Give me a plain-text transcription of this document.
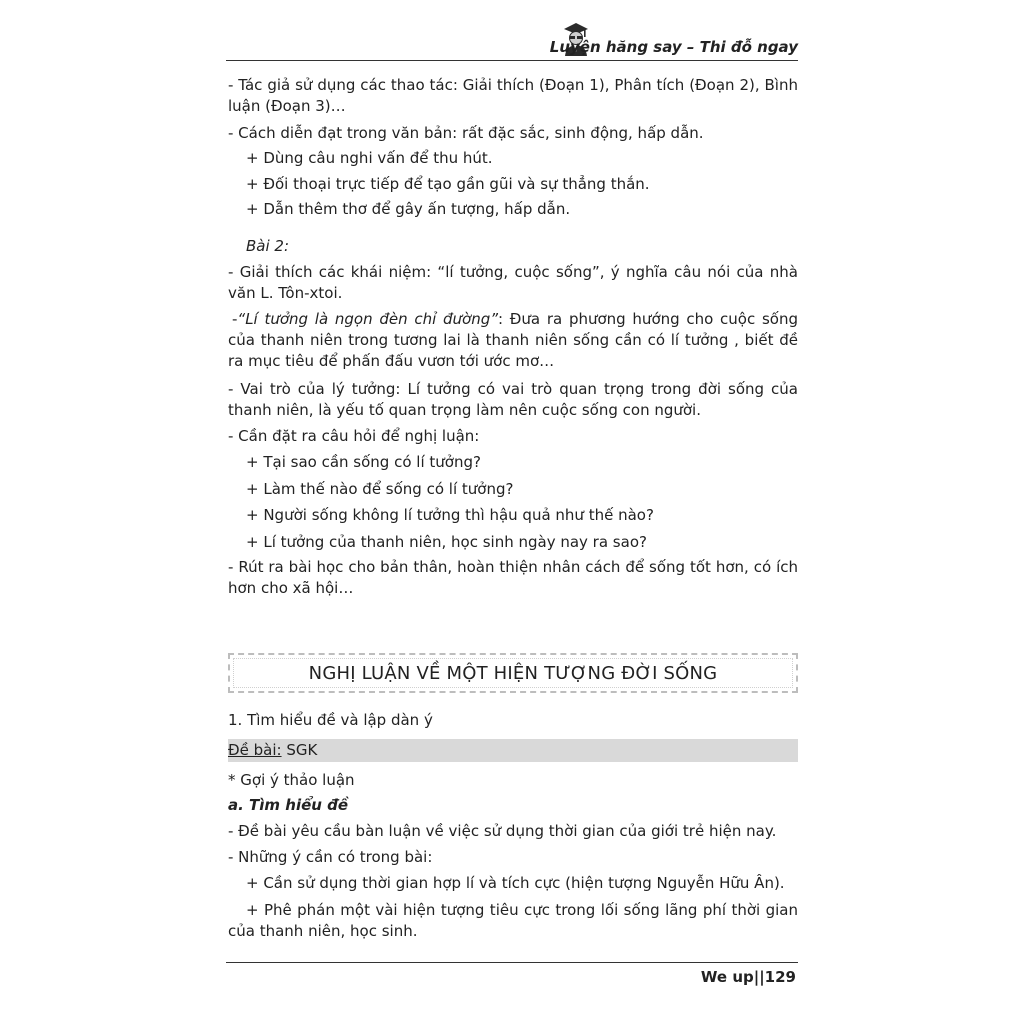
Luyện hăng say – Thi đỗ ngay
- Tác giả sử dụng các thao tác: Giải thích (Đoạn 1), Phân tích (Đoạn 2), Bình luận (Đoạn 3)…
- Cách diễn đạt trong văn bản: rất đặc sắc, sinh động, hấp dẫn.
+ Dùng câu nghi vấn để thu hút.
+ Đối thoại trực tiếp để tạo gần gũi và sự thẳng thắn.
+ Dẫn thêm thơ để gây ấn tượng, hấp dẫn.
Bài 2:
- Giải thích các khái niệm: “lí tưởng, cuộc sống”, ý nghĩa câu nói của nhà văn L. Tôn-xtoi.
-“Lí tưởng là ngọn đèn chỉ đường”: Đưa ra phương hướng cho cuộc sống của thanh niên trong tương lai là thanh niên sống cần có lí tưởng , biết đề ra mục tiêu để phấn đấu vươn tới ước mơ…
- Vai trò của lý tưởng: Lí tưởng có vai trò quan trọng trong đời sống của thanh niên, là yếu tố quan trọng làm nên cuộc sống con người.
- Cần đặt ra câu hỏi để nghị luận:
+ Tại sao cần sống có lí tưởng?
+ Làm thế nào để sống có lí tưởng?
+ Người sống không lí tưởng thì hậu quả như thế nào?
+ Lí tưởng của thanh niên, học sinh ngày nay ra sao?
- Rút ra bài học cho bản thân, hoàn thiện nhân cách để sống tốt hơn, có ích hơn cho xã hội…
NGHỊ LUẬN VỀ MỘT HIỆN TƯỢNG ĐỜI SỐNG
1. Tìm hiểu đề và lập dàn ý
Đề bài: SGK
* Gợi ý thảo luận
a. Tìm hiểu đề
- Đề bài yêu cầu bàn luận về việc sử dụng thời gian của giới trẻ hiện nay.
- Những ý cần có trong bài:
+ Cần sử dụng thời gian hợp lí và tích cực (hiện tượng Nguyễn Hữu Ân).
+ Phê phán một vài hiện tượng tiêu cực trong lối sống lãng phí thời gian của thanh niên, học sinh.
We up||129
